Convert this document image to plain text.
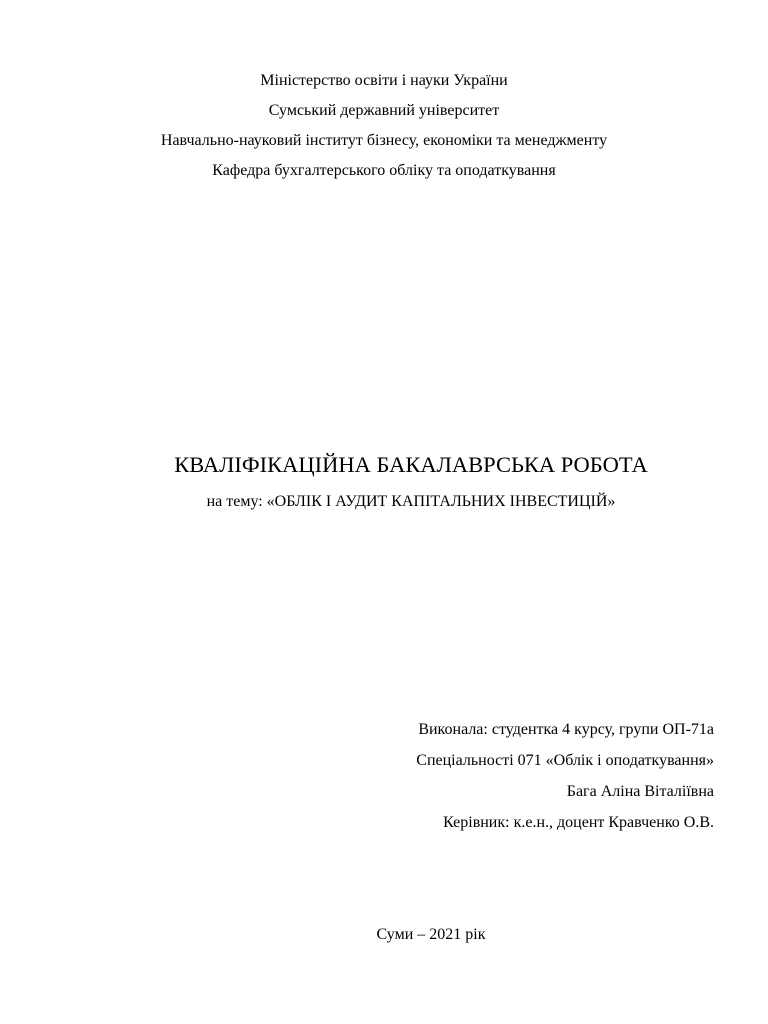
Міністерство освіти і науки України
Сумський державний університет
Навчально-науковий інститут бізнесу, економіки та менеджменту
Кафедра бухгалтерського обліку та оподаткування
КВАЛІФІКАЦІЙНА БАКАЛАВРСЬКА РОБОТА
на тему: «ОБЛІК І АУДИТ КАПІТАЛЬНИХ ІНВЕСТИЦІЙ»
Виконала: студентка 4 курсу, групи ОП-71а
Спеціальності 071 «Облік і оподаткування»
Бага Аліна Віталіївна
Керівник: к.е.н., доцент Кравченко О.В.
Суми – 2021 рік
